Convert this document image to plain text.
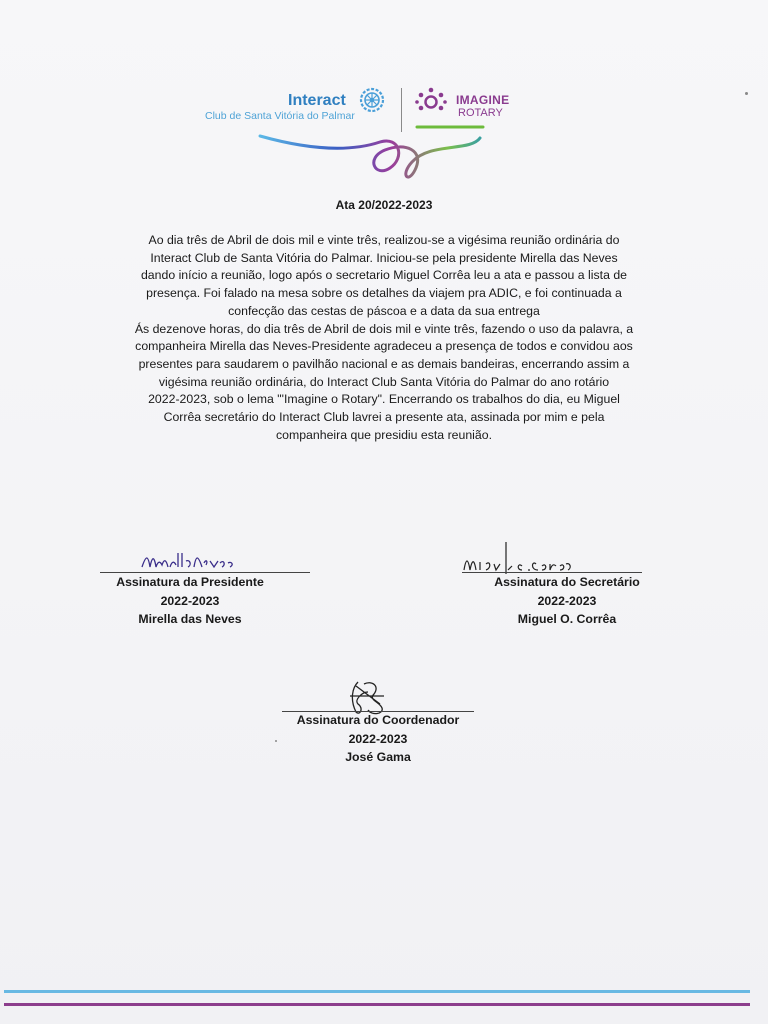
Interact
Club de Santa Vitória do Palmar
IMAGINE
ROTARY
Ata 20/2022-2023

Ao dia três de Abril de dois mil e vinte três, realizou-se a vigésima reunião ordinária do

Interact Club de Santa Vitória do Palmar. Iniciou-se pela presidente Mirella das Neves

dando início a reunião, logo após o secretario Miguel Corrêa leu a ata e passou a lista de

presença. Foi falado na mesa sobre os detalhes da viajem pra ADIC, e foi continuada a

confecção das cestas de páscoa e a data da sua entrega

Ás dezenove horas, do dia três de Abril de dois mil e vinte três, fazendo o uso da palavra, a

companheira Mirella das Neves-Presidente agradeceu a presença de todos e convidou aos

presentes para saudarem o pavilhão nacional e as demais bandeiras, encerrando assim a

vigésima reunião ordinária, do Interact Club Santa Vitória do Palmar do ano rotário

2022-2023, sob o lema "'Imagine o Rotary". Encerrando os trabalhos do dia, eu Miguel

Corrêa secretário do Interact Club lavrei a presente ata, assinada por mim e pela

companheira que presidiu esta reunião.

Assinatura da Presidente
2022-2023
Mirella das Neves
Assinatura do Secretário
2022-2023
Miguel O. Corrêa
Assinatura do Coordenador
2022-2023
José Gama
